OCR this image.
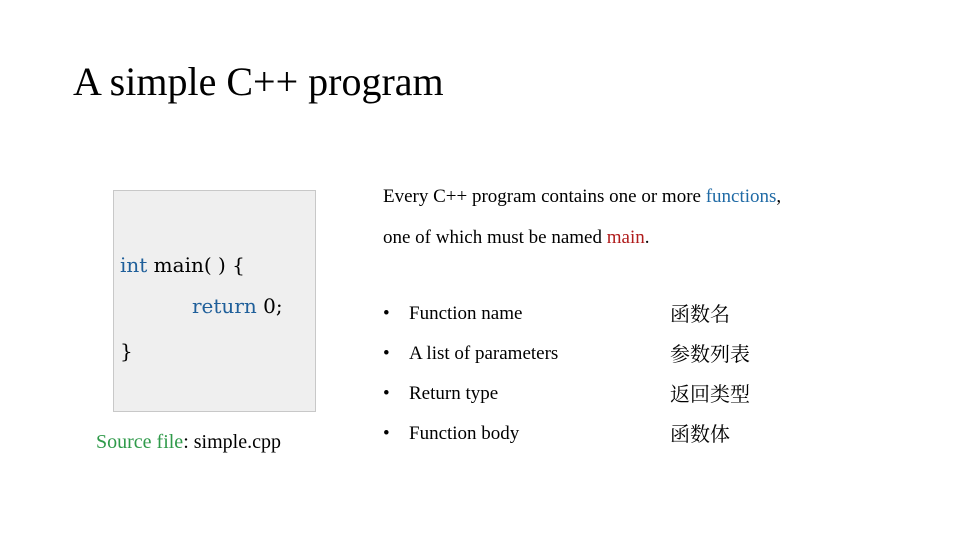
A simple C++ program
int main( ) {
return 0;
}
Source file: simple.cpp
Every C++ program contains one or more functions,
one of which must be named main.
• Function name	函数名
• A list of parameters	参数列表
• Return type	返回类型
• Function body	函数体
